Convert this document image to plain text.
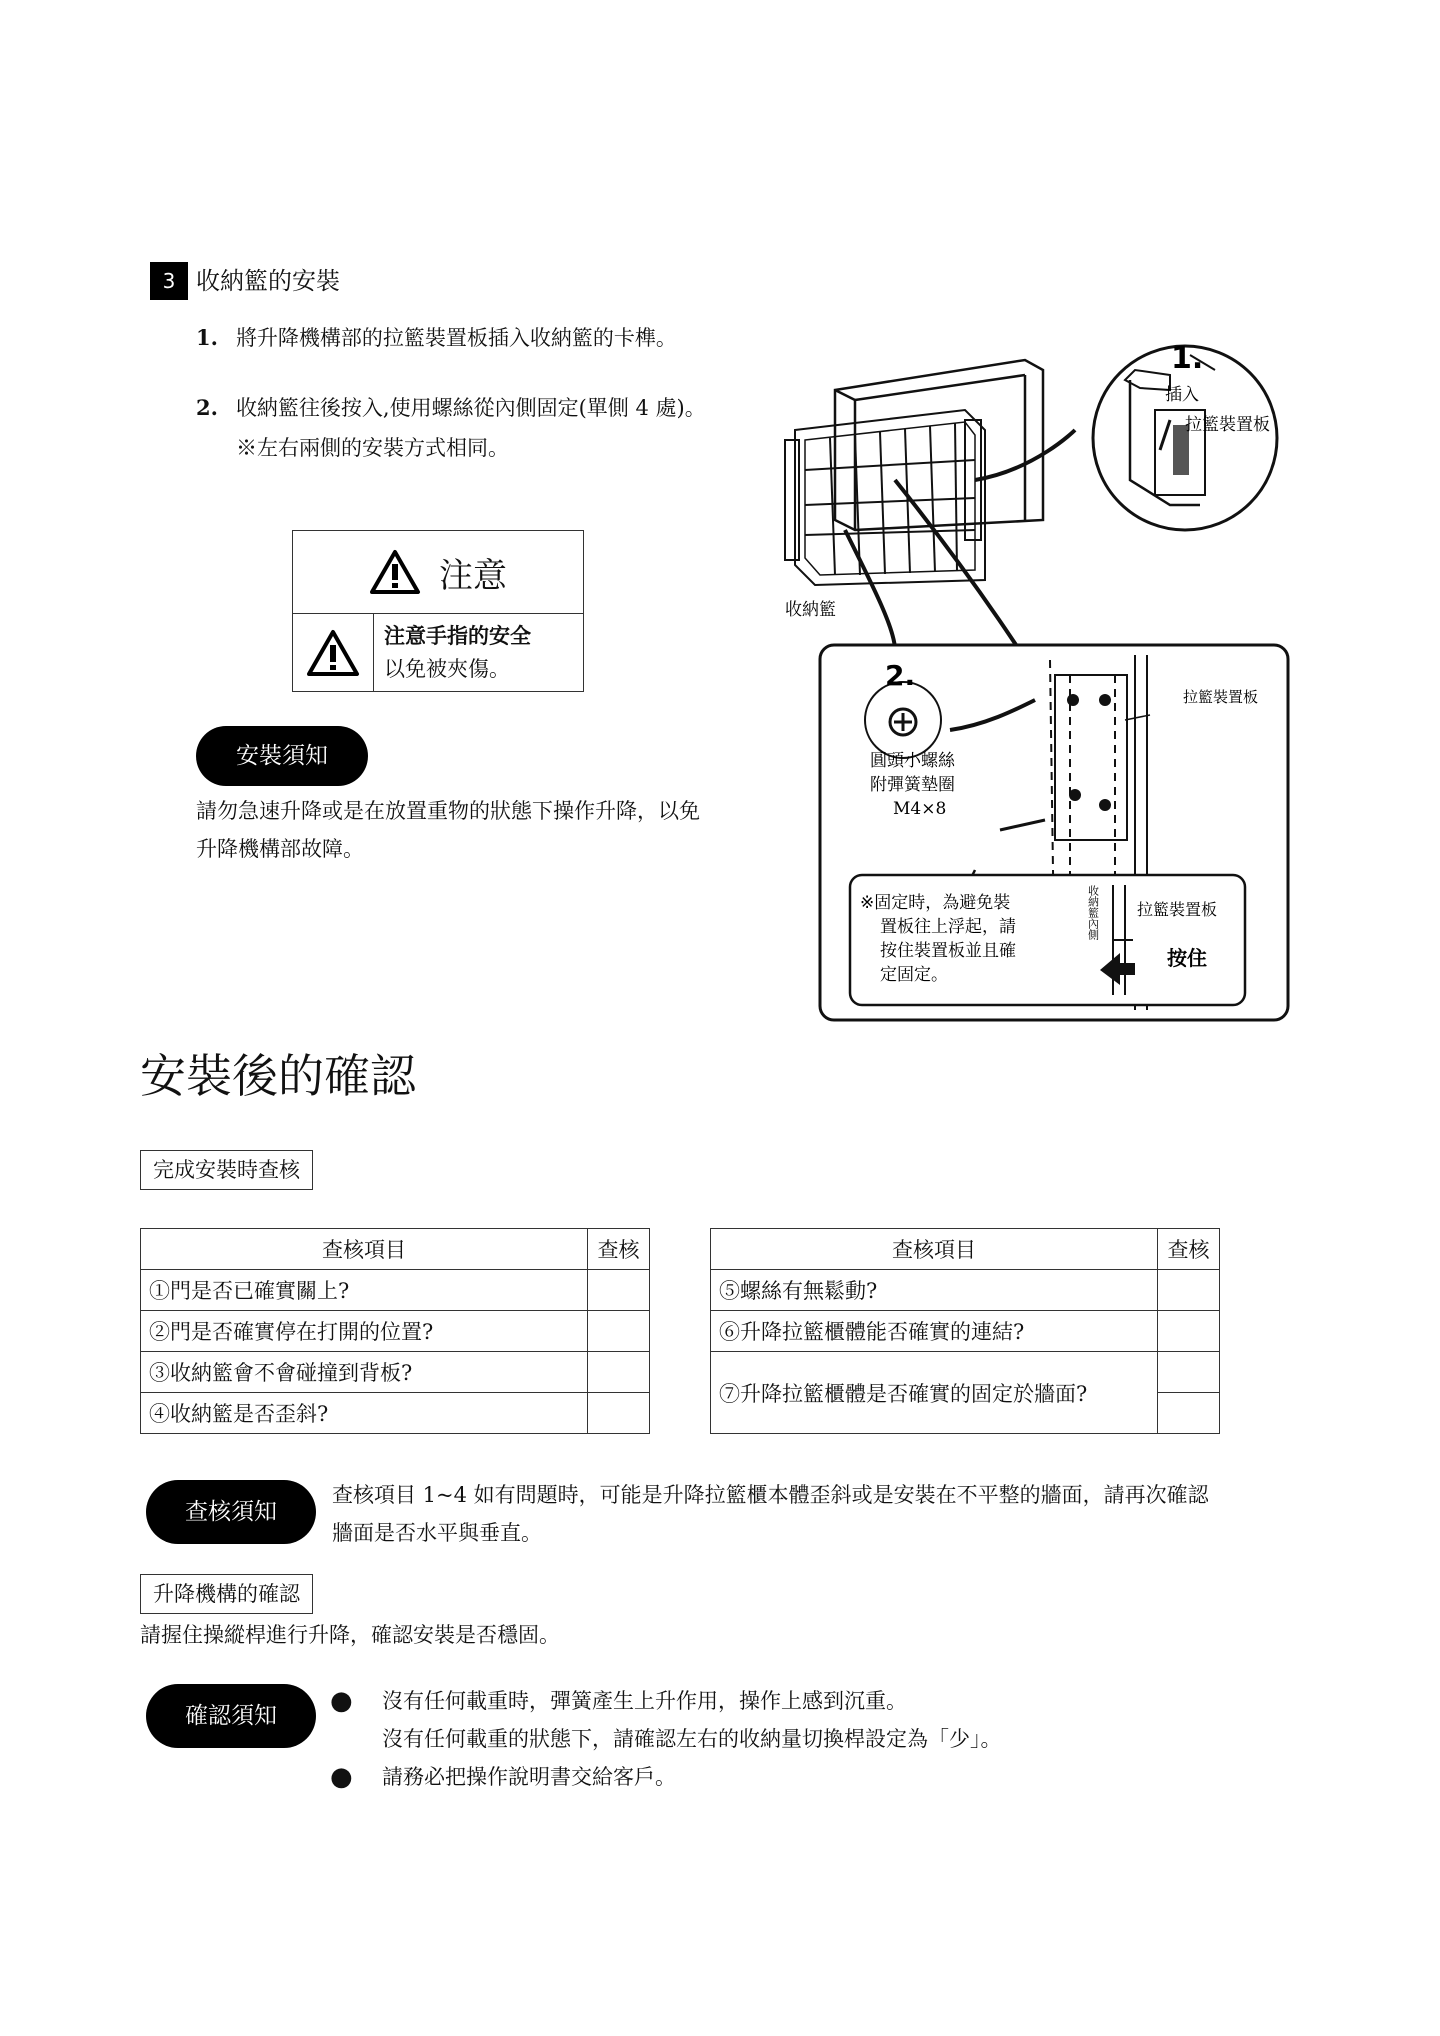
3 收納籃的安裝
1. 將升降機構部的拉籃裝置板插入收納籃的卡榫。
2. 收納籃往後按入,使用螺絲從內側固定(單側 4 處)。
※左右兩側的安裝方式相同。
注意
注意手指的安全
以免被夾傷。
安裝須知
請勿急速升降或是在放置重物的狀態下操作升降，以免
升降機構部故障。
1.
插入
拉籃裝置板
收納籃
2.
圓頭小螺絲
附彈簧墊圈
M4×8
拉籃裝置板
※固定時，為避免裝
置板往上浮起，請
按住裝置板並且確
定固定。
收納籃內側 拉籃裝置板
按住
安裝後的確認
完成安裝時查核
查核項目	查核
①門是否已確實關上?	
②門是否確實停在打開的位置?	
③收納籃會不會碰撞到背板?	
④收納籃是否歪斜?	
查核項目	查核
⑤螺絲有無鬆動?	
⑥升降拉籃櫃體能否確實的連結?	
⑦升降拉籃櫃體是否確實的固定於牆面?	

查核須知
查核項目 1~4 如有問題時，可能是升降拉籃櫃本體歪斜或是安裝在不平整的牆面，請再次確認
牆面是否水平與垂直。
升降機構的確認
請握住操縱桿進行升降，確認安裝是否穩固。
確認須知	● 沒有任何載重時，彈簧產生上升作用，操作上感到沉重。
沒有任何載重的狀態下，請確認左右的收納量切換桿設定為「少」。
● 請務必把操作說明書交給客戶。
